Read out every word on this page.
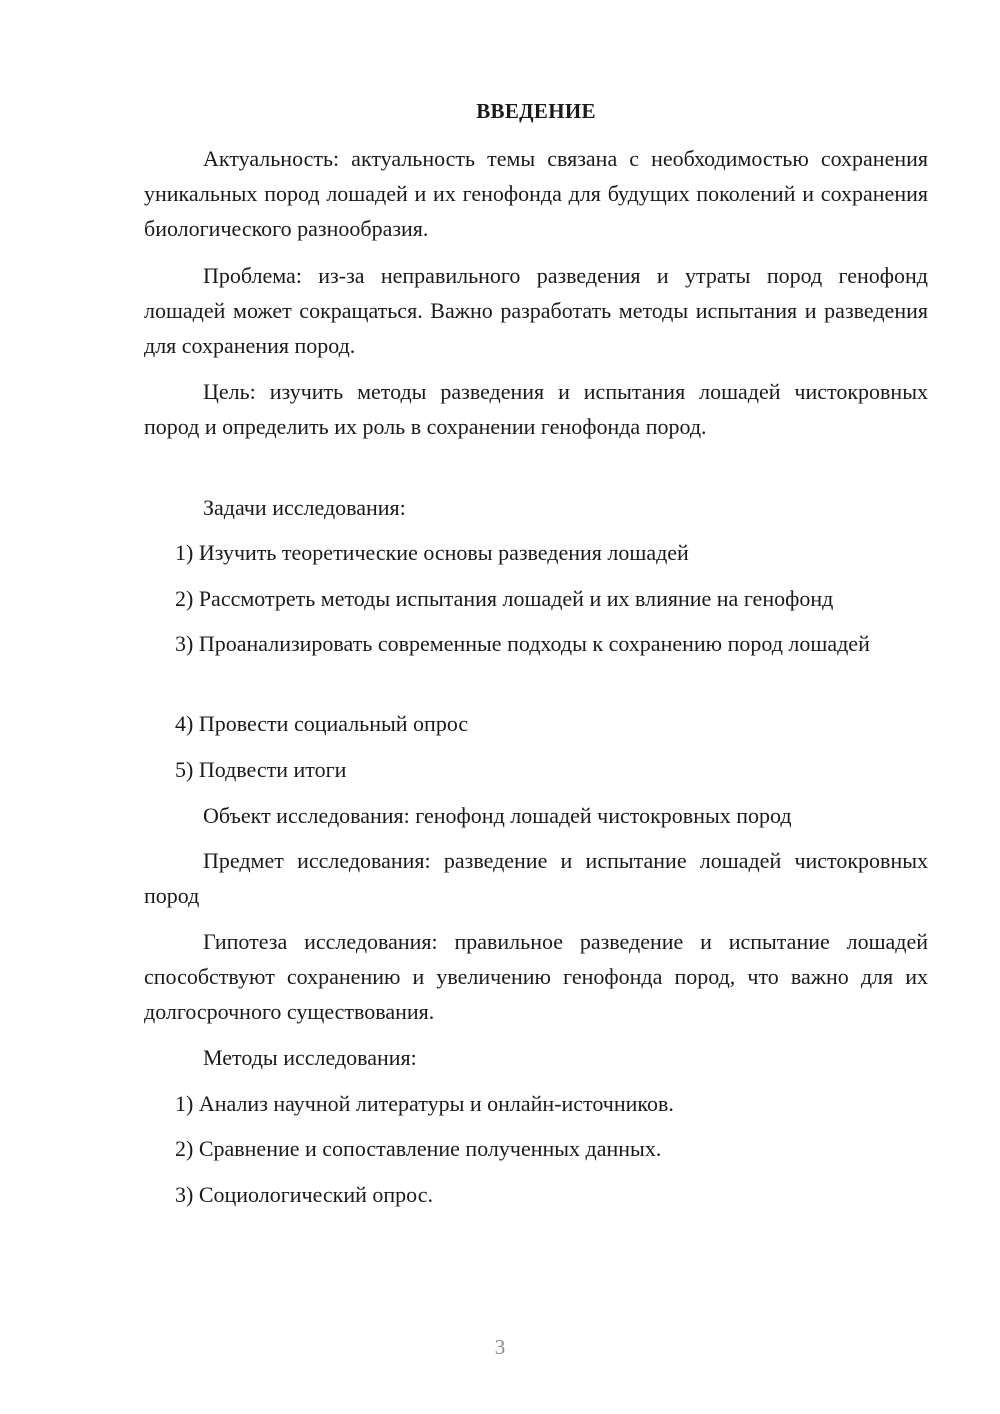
ВВЕДЕНИЕ

Актуальность: актуальность темы связана с необходимостью сохранения уникальных пород лошадей и их генофонда для будущих поколений и сохранения биологического разнообразия.

Проблема: из-за неправильного разведения и утраты пород генофонд лошадей может сокращаться. Важно разработать методы испытания и разведения для сохранения пород.

Цель: изучить методы разведения и испытания лошадей чистокровных пород и определить их роль в сохранении генофонда пород.

Задачи исследования:

1) Изучить теоретические основы разведения лошадей

2) Рассмотреть методы испытания лошадей и их влияние на генофонд

3) Проанализировать современные подходы к сохранению пород лошадей

4) Провести социальный опрос

5) Подвести итоги

Объект исследования: генофонд лошадей чистокровных пород

Предмет исследования: разведение и испытание лошадей чистокровных пород

Гипотеза исследования: правильное разведение и испытание лошадей способствуют сохранению и увеличению генофонда пород, что важно для их долгосрочного существования.

Методы исследования:

1) Анализ научной литературы и онлайн-источников.

2) Сравнение и сопоставление полученных данных.

3) Социологический опрос.

3
